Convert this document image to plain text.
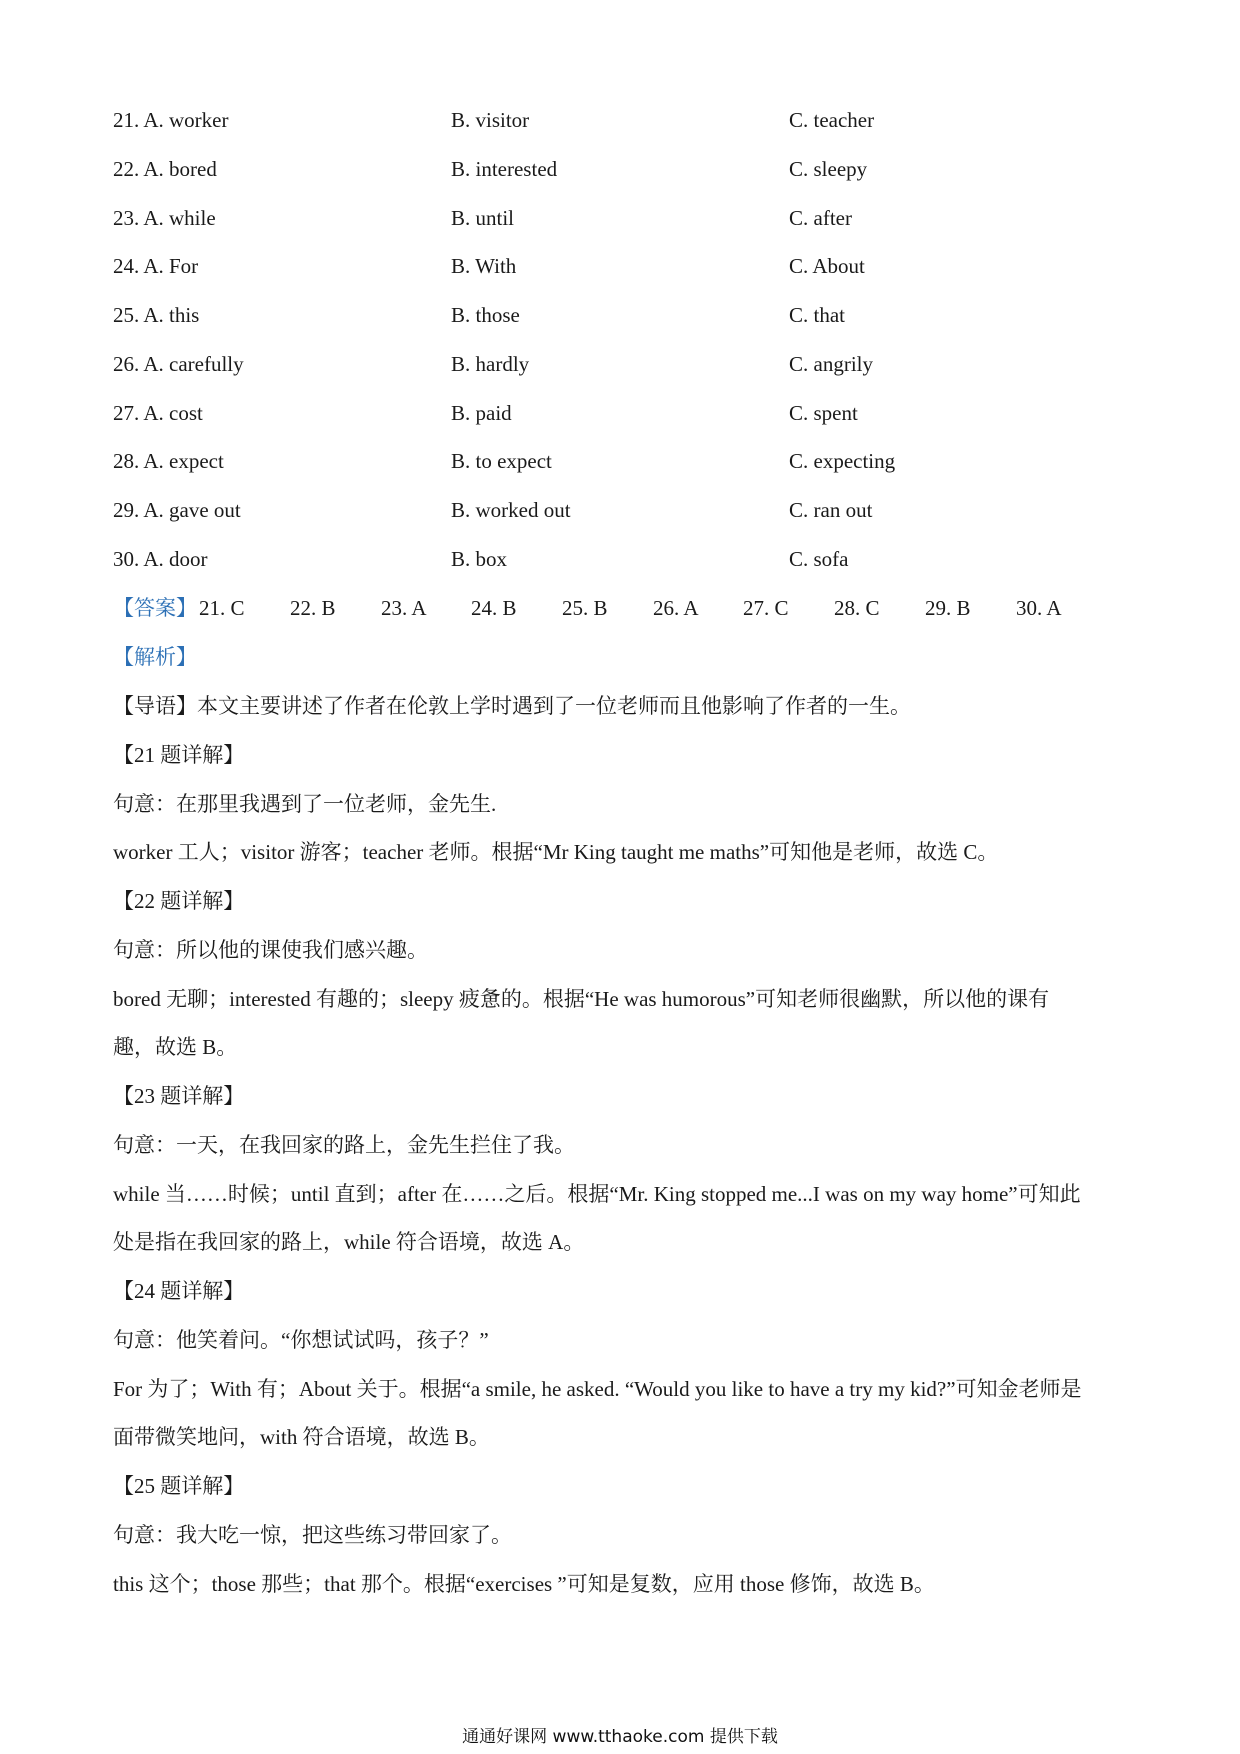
21. A. worker	B. visitor	C. teacher
22. A. bored	B. interested	C. sleepy
23. A. while	B. until	C. after
24. A. For	B. With	C. About
25. A. this	B. those	C. that
26. A. carefully	B. hardly	C. angrily
27. A. cost	B. paid	C. spent
28. A. expect	B. to expect	C. expecting
29. A. gave out	B. worked out	C. ran out
30. A. door	B. box	C. sofa
【答案】 21. C 22. B 23. A 24. B 25. B 26. A 27. C 28. C 29. B 30. A
【解析】
【导语】本文主要讲述了作者在伦敦上学时遇到了一位老师而且他影响了作者的一生。
【21 题详解】
句意：在那里我遇到了一位老师，金先生.
worker 工人；visitor 游客；teacher 老师。根据“Mr King taught me maths”可知他是老师，故选 C。
【22 题详解】
句意：所以他的课使我们感兴趣。
bored 无聊；interested 有趣的；sleepy 疲惫的。根据“He was humorous”可知老师很幽默，所以他的课有
趣，故选 B。
【23 题详解】
句意：一天，在我回家的路上，金先生拦住了我。
while 当……时候；until 直到；after 在……之后。根据“Mr. King stopped me...I was on my way home”可知此
处是指在我回家的路上，while 符合语境，故选 A。
【24 题详解】
句意：他笑着问。“你想试试吗，孩子？”
For 为了；With 有；About 关于。根据“a smile, he asked. “Would you like to have a try my kid?”可知金老师是
面带微笑地问，with 符合语境，故选 B。
【25 题详解】
句意：我大吃一惊，把这些练习带回家了。
this 这个；those 那些；that 那个。根据“exercises ”可知是复数，应用 those 修饰，故选 B。
通通好课网 www.tthaoke.com 提供下载
